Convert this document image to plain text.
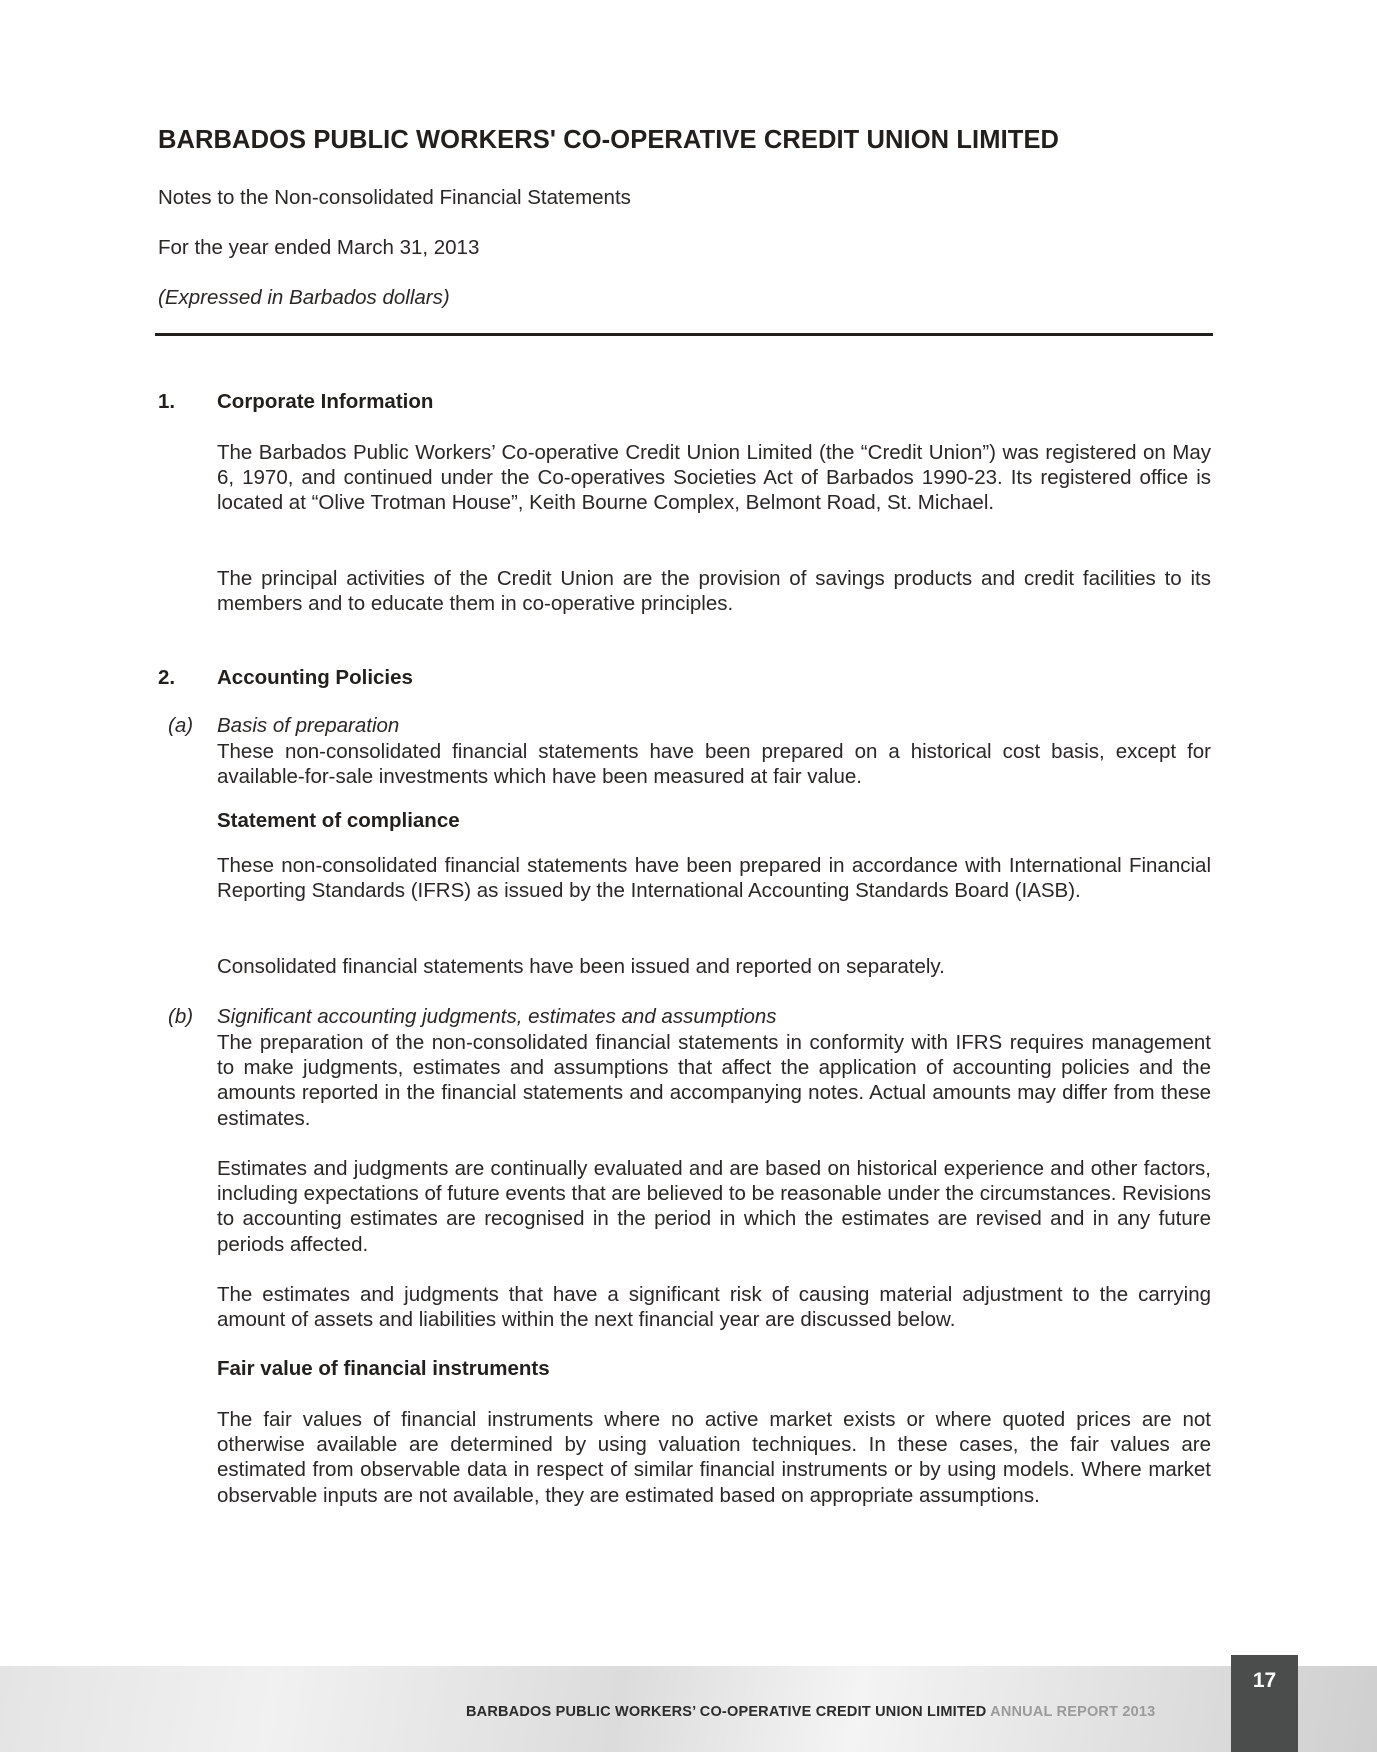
BARBADOS PUBLIC WORKERS' CO-OPERATIVE CREDIT UNION LIMITED
Notes to the Non-consolidated Financial Statements
For the year ended March 31, 2013
(Expressed in Barbados dollars)
1. Corporate Information
The Barbados Public Workers’ Co-operative Credit Union Limited (the “Credit Union”) was registered on May 6, 1970, and continued under the Co-operatives Societies Act of Barbados 1990-23. Its registered office is located at “Olive Trotman House”, Keith Bourne Complex, Belmont Road, St. Michael.
The principal activities of the Credit Union are the provision of savings products and credit facilities to its members and to educate them in co-operative principles.
2. Accounting Policies
(a) Basis of preparation
These non-consolidated financial statements have been prepared on a historical cost basis, except for available-for-sale investments which have been measured at fair value.
Statement of compliance
These non-consolidated financial statements have been prepared in accordance with International Financial Reporting Standards (IFRS) as issued by the International Accounting Standards Board (IASB).
Consolidated financial statements have been issued and reported on separately.
(b) Significant accounting judgments, estimates and assumptions
The preparation of the non-consolidated financial statements in conformity with IFRS requires management to make judgments, estimates and assumptions that affect the application of accounting policies and the amounts reported in the financial statements and accompanying notes. Actual amounts may differ from these estimates.
Estimates and judgments are continually evaluated and are based on historical experience and other factors, including expectations of future events that are believed to be reasonable under the circumstances. Revisions to accounting estimates are recognised in the period in which the estimates are revised and in any future periods affected.
The estimates and judgments that have a significant risk of causing material adjustment to the carrying amount of assets and liabilities within the next financial year are discussed below.
Fair value of financial instruments
The fair values of financial instruments where no active market exists or where quoted prices are not otherwise available are determined by using valuation techniques. In these cases, the fair values are estimated from observable data in respect of similar financial instruments or by using models. Where market observable inputs are not available, they are estimated based on appropriate assumptions.
BARBADOS PUBLIC WORKERS’ CO-OPERATIVE CREDIT UNION LIMITED ANNUAL REPORT 2013
17
